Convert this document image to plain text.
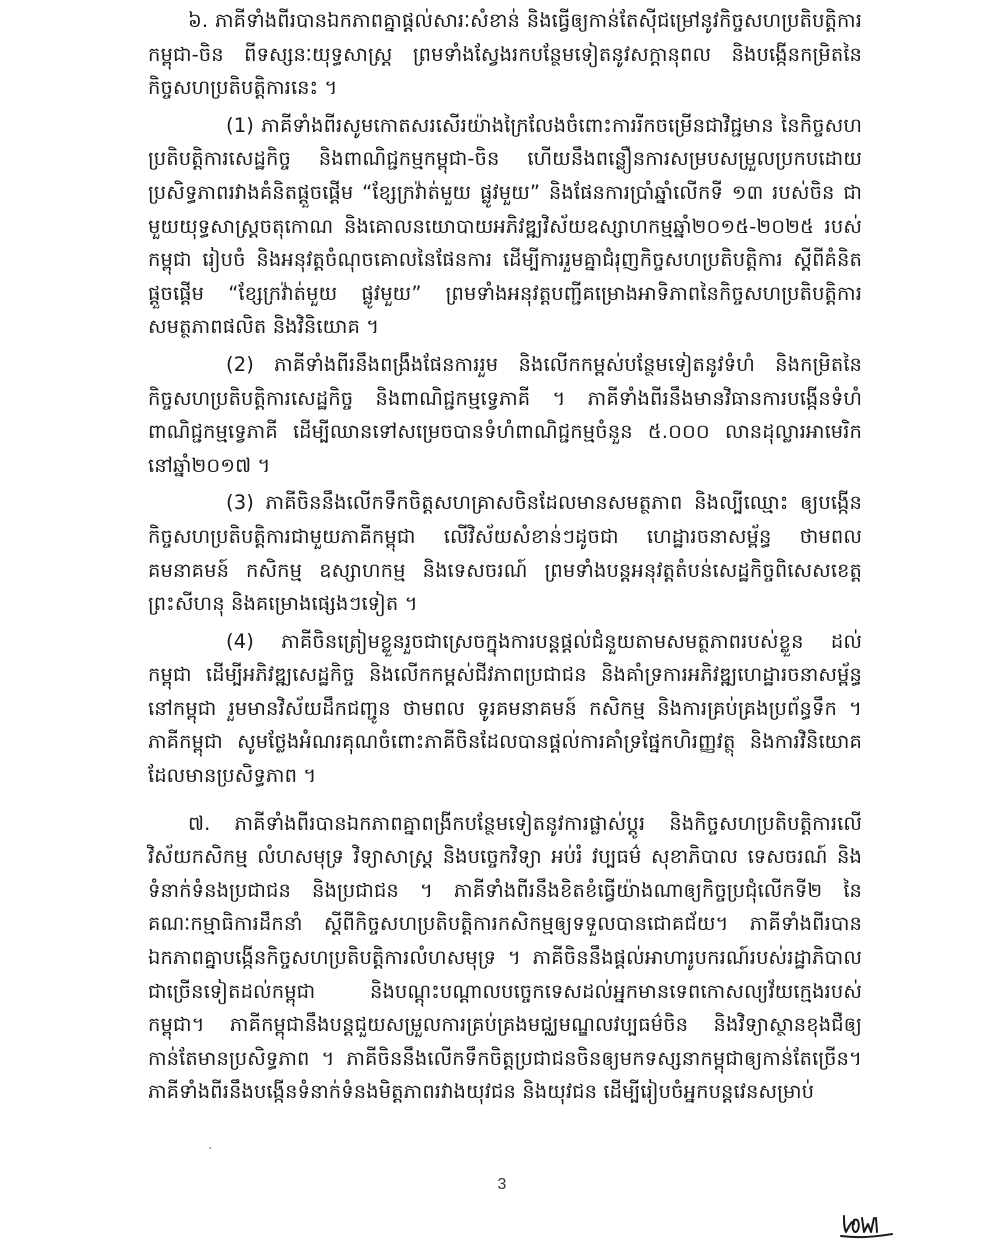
៦. ភាគីទាំងពីរបានឯកភាពគ្នាផ្តល់សារៈសំខាន់ និងធ្វើឲ្យកាន់តែស៊ីជម្រៅនូវកិច្ចសហប្រតិបត្តិការកម្ពុជា-ចិន ពីទស្សនៈយុទ្ធសាស្ត្រ ព្រមទាំងស្វែងរកបន្ថែមទៀតនូវសក្តានុពល និងបង្កើនកម្រិតនៃកិច្ចសហប្រតិបត្តិការនេះ ។

(1) ភាគីទាំងពីរសូមកោតសរសើរយ៉ាងក្រៃលែងចំពោះការរីកចម្រើនជាវិជ្ជមាន នៃកិច្ចសហប្រតិបត្តិការសេដ្ឋកិច្ច និងពាណិជ្ជកម្មកម្ពុជា-ចិន ហើយនឹងពន្លឿនការសម្របសម្រួលប្រកបដោយប្រសិទ្ធភាពរវាងគំនិតផ្តួចផ្តើម “ខ្សែក្រវ៉ាត់មួយ ផ្លូវមួយ” និងផែនការប្រាំឆ្នាំលើកទី ១៣ របស់ចិន ជាមួយយុទ្ធសាស្ត្រចតុកោណ និងគោលនយោបាយអភិវឌ្ឍវិស័យឧស្សាហកម្មឆ្នាំ២០១៥-២០២៥ របស់កម្ពុជា រៀបចំ និងអនុវត្តចំណុចគោលនៃផែនការ ដើម្បីការរួមគ្នាជំរុញកិច្ចសហប្រតិបត្តិការ ស្តីពីគំនិតផ្តួចផ្តើម “ខ្សែក្រវ៉ាត់មួយ ផ្លូវមួយ” ព្រមទាំងអនុវត្តបញ្ជីគម្រោងអាទិភាពនៃកិច្ចសហប្រតិបត្តិការសមត្ថភាពផលិត និងវិនិយោគ ។

(2) ភាគីទាំងពីរនឹងពង្រឹងផែនការរួម និងលើកកម្ពស់បន្ថែមទៀតនូវទំហំ និងកម្រិតនៃកិច្ចសហប្រតិបត្តិការសេដ្ឋកិច្ច និងពាណិជ្ជកម្មទ្វេភាគី ។ ភាគីទាំងពីរនឹងមានវិធានការបង្កើនទំហំពាណិជ្ជកម្មទ្វេភាគី ដើម្បីឈានទៅសម្រេចបានទំហំពាណិជ្ជកម្មចំនួន ៥.០០០ លានដុល្លារអាមេរិក នៅឆ្នាំ២០១៧ ។

(3) ភាគីចិននឹងលើកទឹកចិត្តសហគ្រាសចិនដែលមានសមត្ថភាព និងល្បីឈ្មោះ ឲ្យបង្កើនកិច្ចសហប្រតិបត្តិការជាមួយភាគីកម្ពុជា លើវិស័យសំខាន់ៗដូចជា ហេដ្ឋារចនាសម្ព័ន្ធ ថាមពល គមនាគមន៍ កសិកម្ម ឧស្សាហកម្ម និងទេសចរណ៍ ព្រមទាំងបន្តអនុវត្តតំបន់សេដ្ឋកិច្ចពិសេសខេត្តព្រះសីហនុ និងគម្រោងផ្សេងៗទៀត ។

(4) ភាគីចិនត្រៀមខ្លួនរួចជាស្រេចក្នុងការបន្តផ្តល់ជំនួយតាមសមត្ថភាពរបស់ខ្លួន ដល់កម្ពុជា ដើម្បីអភិវឌ្ឍសេដ្ឋកិច្ច និងលើកកម្ពស់ជីវភាពប្រជាជន និងគាំទ្រការអភិវឌ្ឍហេដ្ឋារចនាសម្ព័ន្ធនៅកម្ពុជា រួមមានវិស័យដឹកជញ្ជូន ថាមពល ទូរគមនាគមន៍ កសិកម្ម និងការគ្រប់គ្រងប្រព័ន្ធទឹក ។ ភាគីកម្ពុជា សូមថ្លែងអំណរគុណចំពោះភាគីចិនដែលបានផ្តល់ការគាំទ្រផ្នែកហិរញ្ញវត្ថុ និងការវិនិយោគដែលមានប្រសិទ្ធភាព ។

៧. ភាគីទាំងពីរបានឯកភាពគ្នាពង្រីកបន្ថែមទៀតនូវការផ្លាស់ប្តូរ និងកិច្ចសហប្រតិបត្តិការលើវិស័យកសិកម្ម លំហសមុទ្រ វិទ្យាសាស្ត្រ និងបច្ចេកវិទ្យា អប់រំ វប្បធម៌ សុខាភិបាល ទេសចរណ៍ និងទំនាក់ទំនងប្រជាជន និងប្រជាជន ។ ភាគីទាំងពីរនឹងខិតខំធ្វើយ៉ាងណាឲ្យកិច្ចប្រជុំលើកទី២ នៃគណៈកម្មាធិការដឹកនាំ ស្តីពីកិច្ចសហប្រតិបត្តិការកសិកម្មឲ្យទទួលបានជោគជ័យ។ ភាគីទាំងពីរបានឯកភាពគ្នាបង្កើនកិច្ចសហប្រតិបត្តិការលំហសមុទ្រ ។ ភាគីចិននឹងផ្តល់អាហារូបករណ៍របស់រដ្ឋាភិបាលជាច្រើនទៀតដល់កម្ពុជា និងបណ្តុះបណ្តាលបច្ចេកទេសដល់អ្នកមានទេពកោសល្យវ័យក្មេងរបស់កម្ពុជា។ ភាគីកម្ពុជានឹងបន្តជួយសម្រួលការគ្រប់គ្រងមជ្ឈមណ្ឌលវប្បធម៌ចិន និងវិទ្យាស្ថានខុងជឺឲ្យកាន់តែមានប្រសិទ្ធភាព ។ ភាគីចិននឹងលើកទឹកចិត្តប្រជាជនចិនឲ្យមកទស្សនាកម្ពុជាឲ្យកាន់តែច្រើន។ ភាគីទាំងពីរនឹងបង្កើនទំនាក់ទំនងមិត្តភាពរវាងយុវជន និងយុវជន ដើម្បីរៀបចំអ្នកបន្តវេនសម្រាប់

3
